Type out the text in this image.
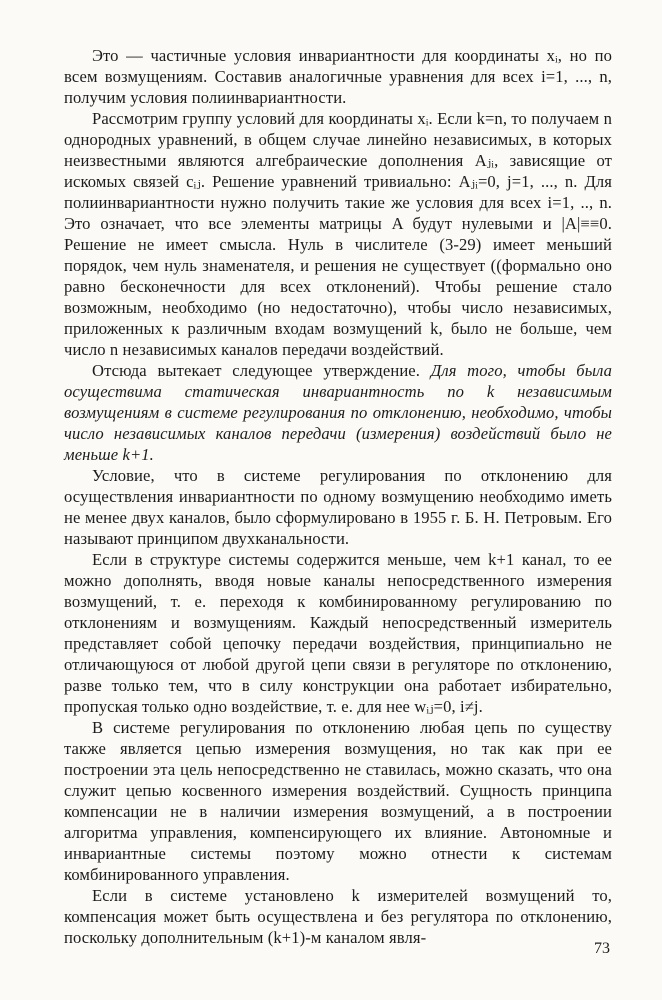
Это — частичные условия инвариантности для координаты xᵢ, но по всем возмущениям. Составив аналогичные уравнения для всех i=1, ..., n, получим условия полиинвариантности.

Рассмотрим группу условий для координаты xᵢ. Если k=n, то получаем n однородных уравнений, в общем случае линейно независимых, в которых неизвестными являются алгебраические дополнения Aⱼᵢ, зависящие от искомых связей cᵢⱼ. Решение уравнений тривиально: Aⱼᵢ=0, j=1, ..., n. Для полиинвариантности нужно получить такие же условия для всех i=1, .., n. Это означает, что все элементы матрицы A будут нулевыми и |A|≡≡0. Решение не имеет смысла. Нуль в числителе (3-29) имеет меньший порядок, чем нуль знаменателя, и решения не существует ((формально оно равно бесконечности для всех отклонений). Чтобы решение стало возможным, необходимо (но недостаточно), чтобы число независимых, приложенных к различным входам возмущений k, было не больше, чем число n независимых каналов передачи воздействий.

Отсюда вытекает следующее утверждение. Для того, чтобы была осуществима статическая инвариантность по k независимым возмущениям в системе регулирования по отклонению, необходимо, чтобы число независимых каналов передачи (измерения) воздействий было не меньше k+1.

Условие, что в системе регулирования по отклонению для осуществления инвариантности по одному возмущению необходимо иметь не менее двух каналов, было сформулировано в 1955 г. Б. Н. Петровым. Его называют принципом двухканальности.

Если в структуре системы содержится меньше, чем k+1 канал, то ее можно дополнять, вводя новые каналы непосредственного измерения возмущений, т. е. переходя к комбинированному регулированию по отклонениям и возмущениям. Каждый непосредственный измеритель представляет собой цепочку передачи воздействия, принципиально не отличающуюся от любой другой цепи связи в регуляторе по отклонению, разве только тем, что в силу конструкции она работает избирательно, пропуская только одно воздействие, т. е. для нее wᵢⱼ=0, i≠j.

В системе регулирования по отклонению любая цепь по существу также является цепью измерения возмущения, но так как при ее построении эта цель непосредственно не ставилась, можно сказать, что она служит цепью косвенного измерения воздействий. Сущность принципа компенсации не в наличии измерения возмущений, а в построении алгоритма управления, компенсирующего их влияние. Автономные и инвариантные системы поэтому можно отнести к системам комбинированного управления.

Если в системе установлено k измерителей возмущений то, компенсация может быть осуществлена и без регулятора по отклонению, поскольку дополнительным (k+1)-м каналом явля-

73
